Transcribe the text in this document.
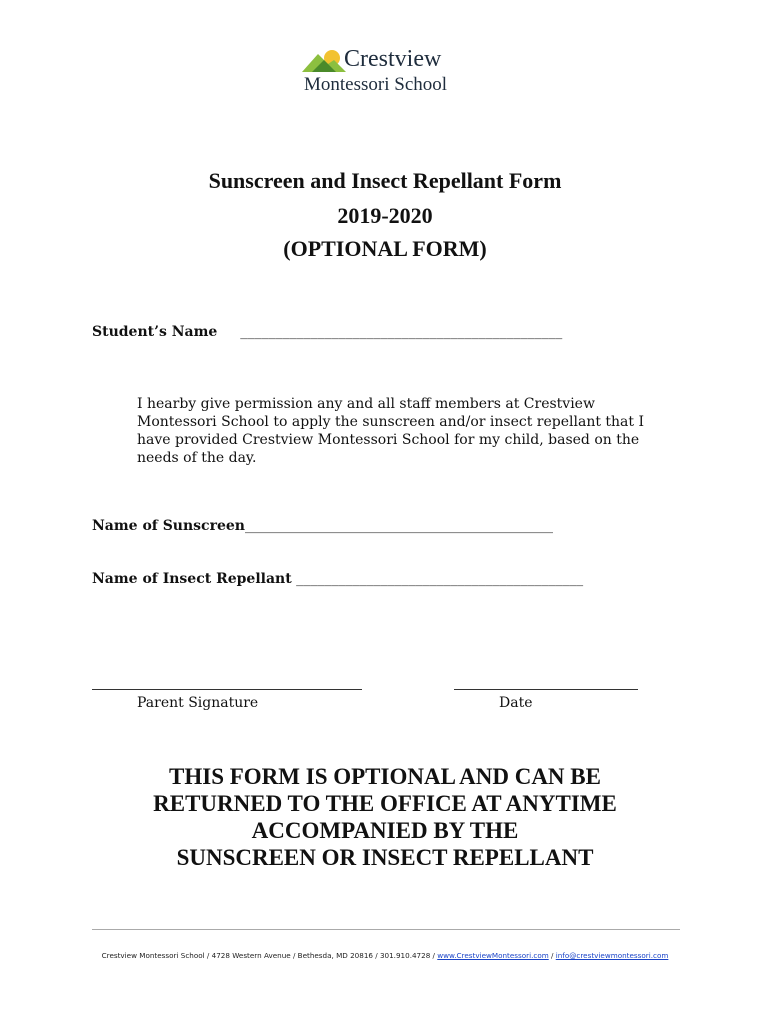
Crestview
Montessori School
Sunscreen and Insect Repellant Form
2019-2020
(OPTIONAL FORM)
Student’s Name ______________________________________________
I hearby give permission any and all staff members at Crestview Montessori School to apply the sunscreen and/or insect repellant that I have provided Crestview Montessori School for my child, based on the needs of the day.
Name of Sunscreen____________________________________________
Name of Insect Repellant _________________________________________
Parent Signature	Date
THIS FORM IS OPTIONAL AND CAN BE
RETURNED TO THE OFFICE AT ANYTIME
ACCOMPANIED BY THE
SUNSCREEN OR INSECT REPELLANT
Crestview Montessori School / 4728 Western Avenue / Bethesda, MD 20816 / 301.910.4728 / www.CrestviewMontessori.com / info@crestviewmontessori.com
